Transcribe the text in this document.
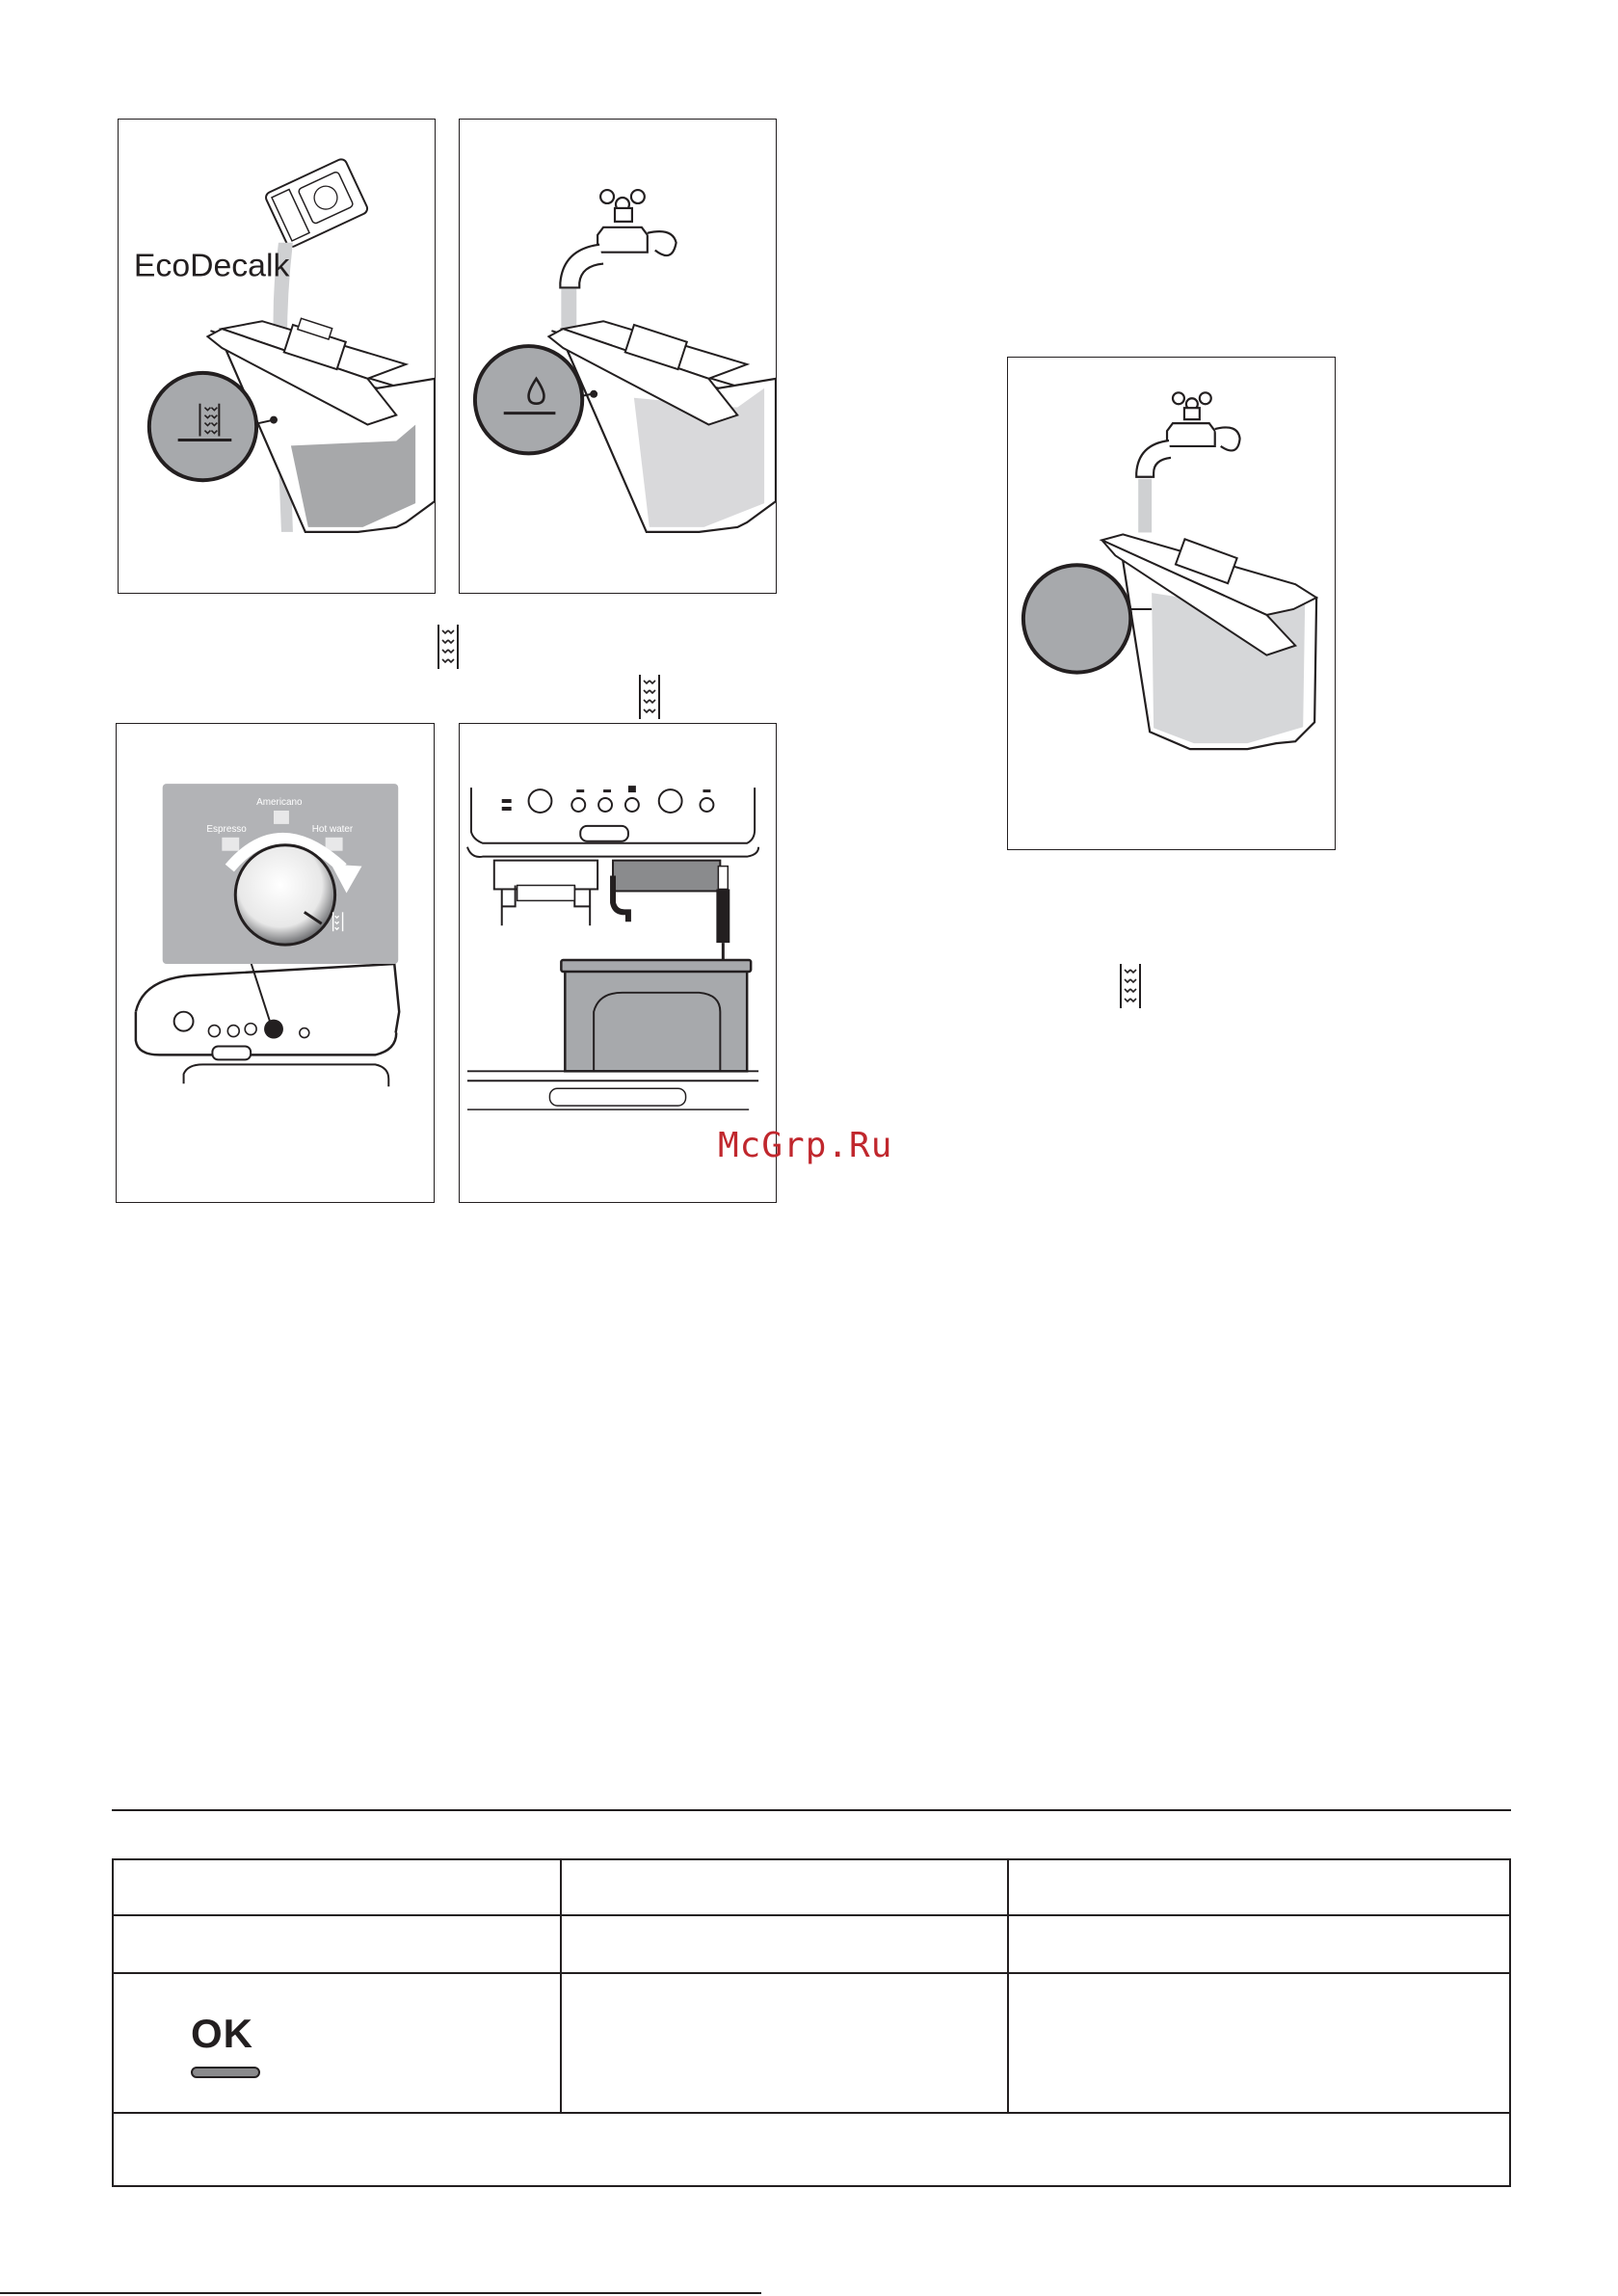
EcoDecalk
Americano
Espresso	Hot water
McGrp.Ru

OK		
